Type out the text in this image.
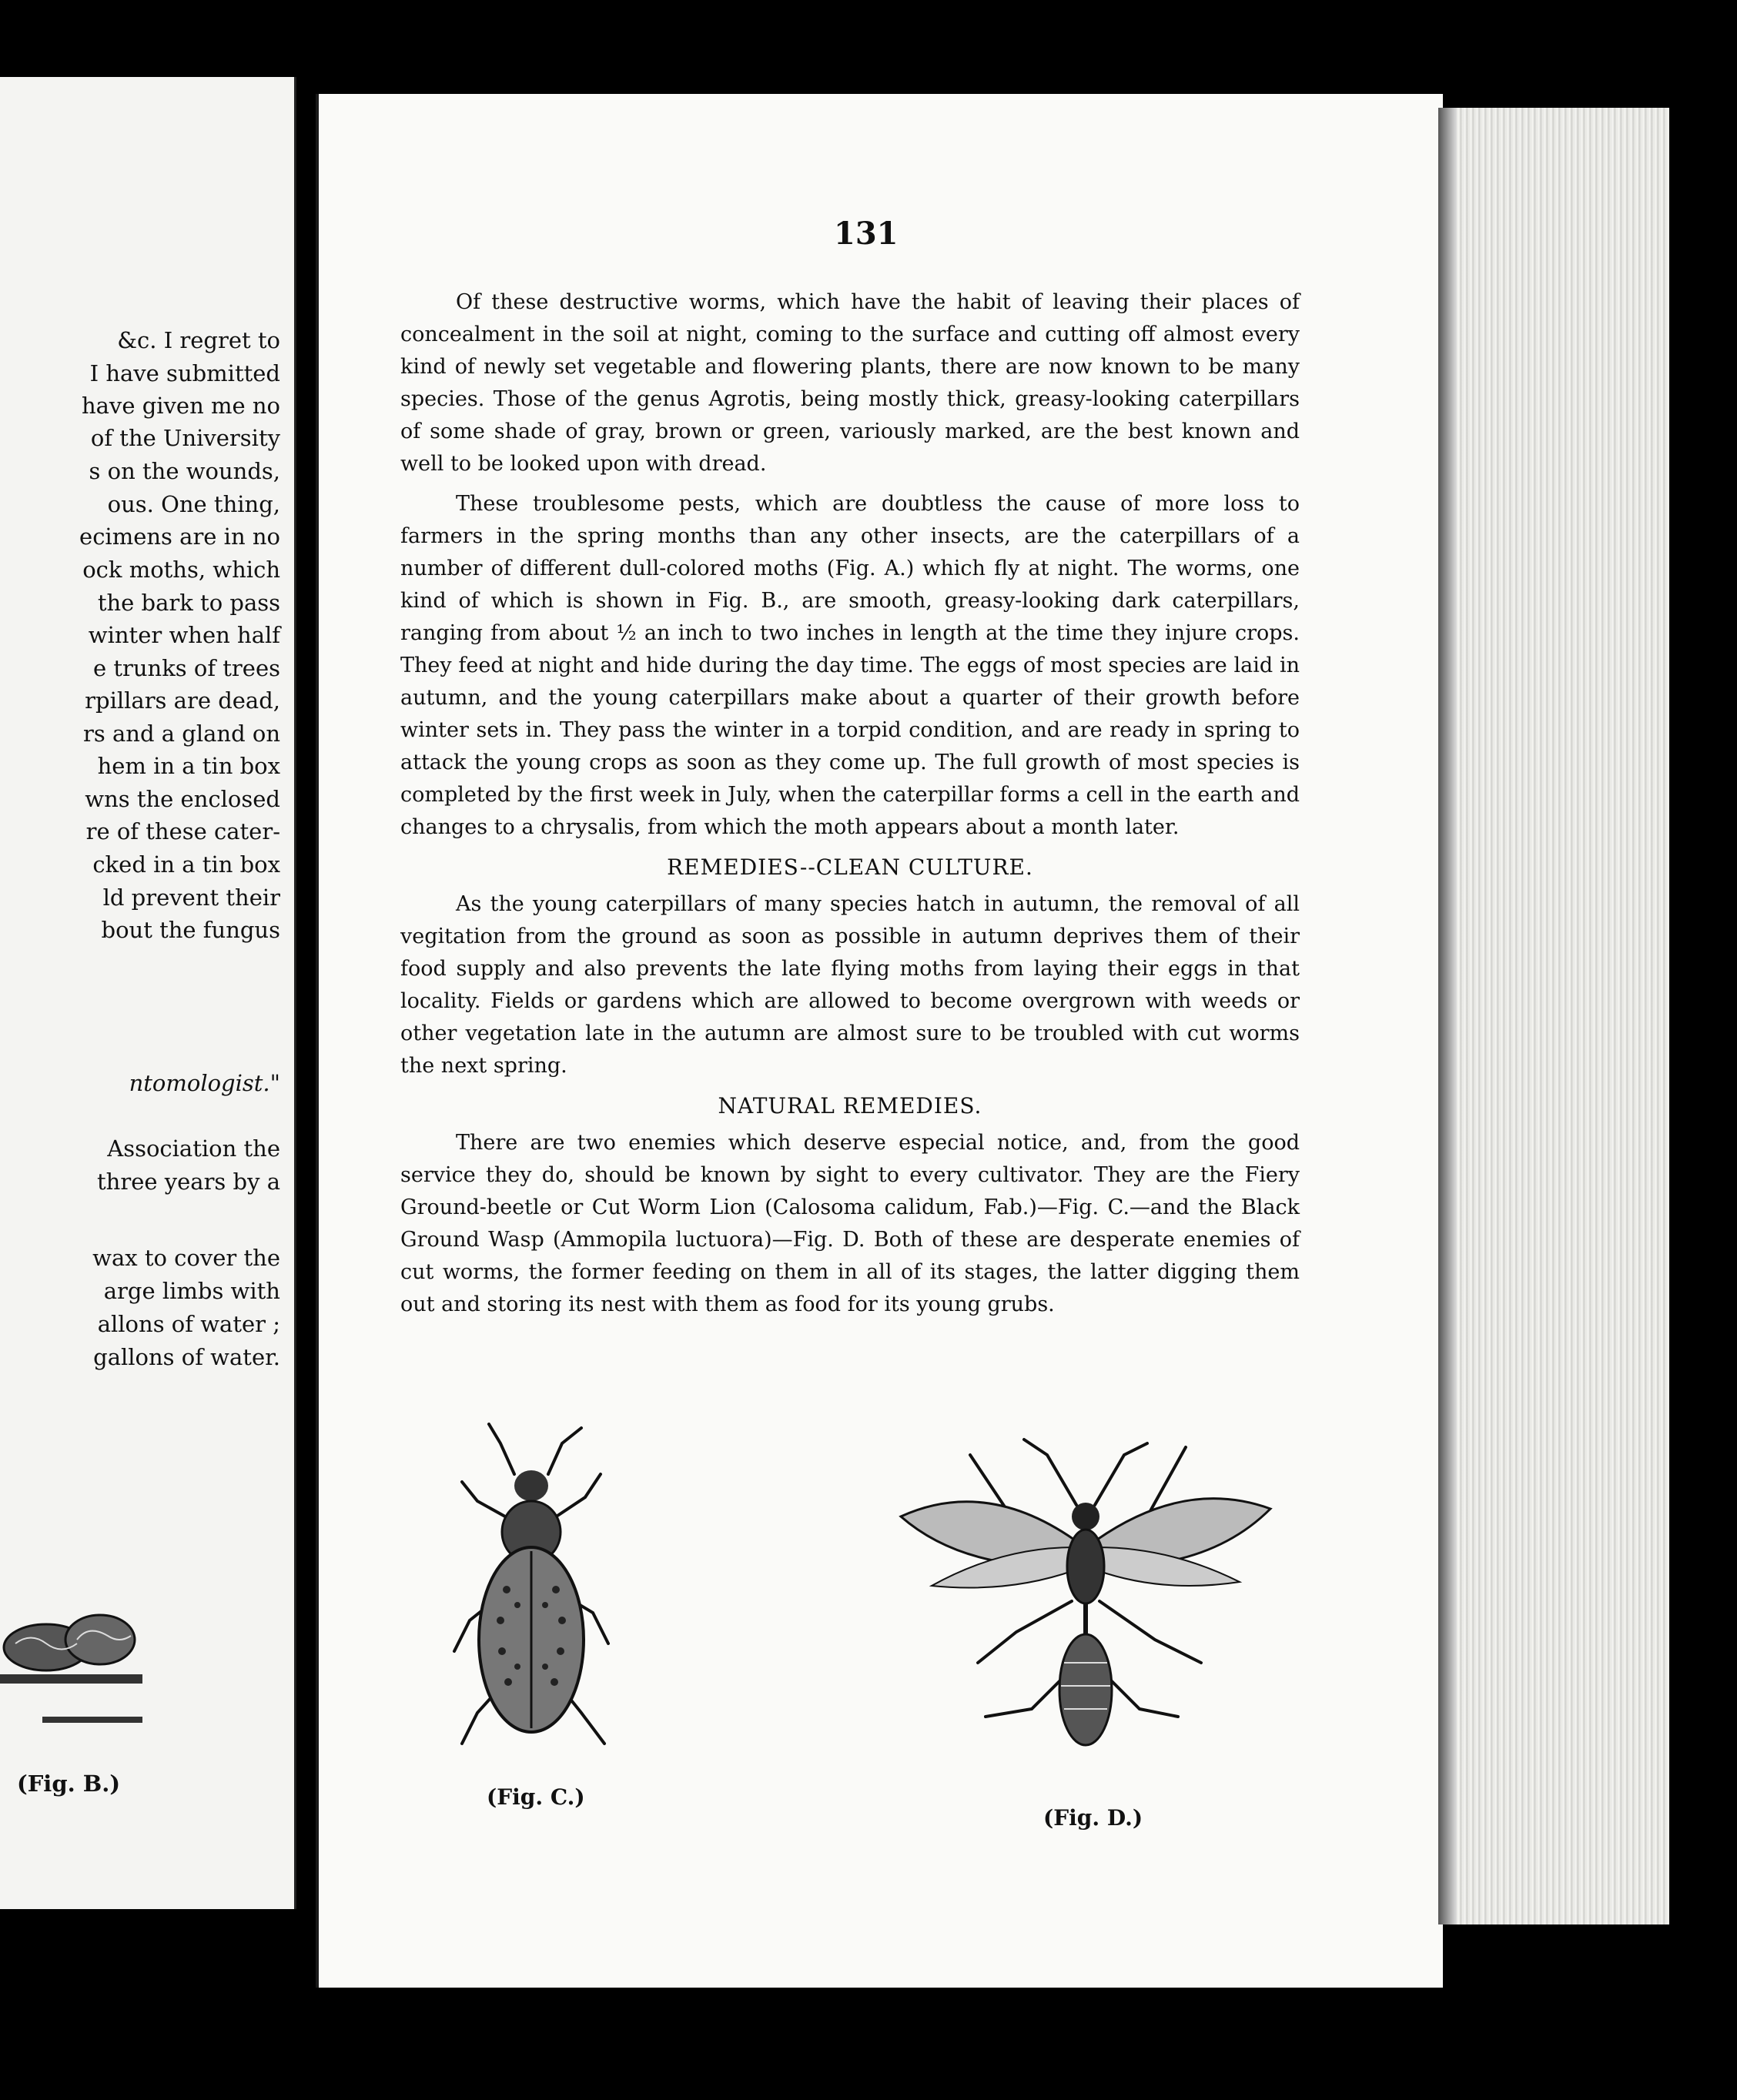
&c. I regret to
I have submitted
have given me no
of the University
s on the wounds,
ous. One thing,
ecimens are in no
ock moths, which
the bark to pass
winter when half
e trunks of trees
rpillars are dead,
rs and a gland on
hem in a tin box
wns the enclosed
re of these cater-
cked in a tin box
ld prevent their
bout the fungus
ntomologist."
Association the
three years by a
wax to cover the
arge limbs with
allons of water ;
gallons of water.
(Fig. B.)
131

Of these destructive worms, which have the habit of leaving their places of concealment in the soil at night, coming to the surface and cutting off almost every kind of newly set vegetable and flowering plants, there are now known to be many species. Those of the genus Agrotis, being mostly thick, greasy-looking caterpillars of some shade of gray, brown or green, variously marked, are the best known and well to be looked upon with dread.

These troublesome pests, which are doubtless the cause of more loss to farmers in the spring months than any other insects, are the caterpillars of a number of different dull-colored moths (Fig. A.) which fly at night. The worms, one kind of which is shown in Fig. B., are smooth, greasy-looking dark caterpillars, ranging from about ½ an inch to two inches in length at the time they injure crops. They feed at night and hide during the day time. The eggs of most species are laid in autumn, and the young caterpillars make about a quarter of their growth before winter sets in. They pass the winter in a torpid condition, and are ready in spring to attack the young crops as soon as they come up. The full growth of most species is completed by the first week in July, when the caterpillar forms a cell in the earth and changes to a chrysalis, from which the moth appears about a month later.

REMEDIES--CLEAN CULTURE.

As the young caterpillars of many species hatch in autumn, the removal of all vegitation from the ground as soon as possible in autumn deprives them of their food supply and also prevents the late flying moths from laying their eggs in that locality. Fields or gardens which are allowed to become overgrown with weeds or other vegetation late in the autumn are almost sure to be troubled with cut worms the next spring.

NATURAL REMEDIES.

There are two enemies which deserve especial notice, and, from the good service they do, should be known by sight to every cultivator. They are the Fiery Ground-beetle or Cut Worm Lion (Calosoma calidum, Fab.)—Fig. C.—and the Black Ground Wasp (Ammopila luctuora)—Fig. D. Both of these are desperate enemies of cut worms, the former feeding on them in all of its stages, the latter digging them out and storing its nest with them as food for its young grubs.

(Fig. C.)
(Fig. D.)
